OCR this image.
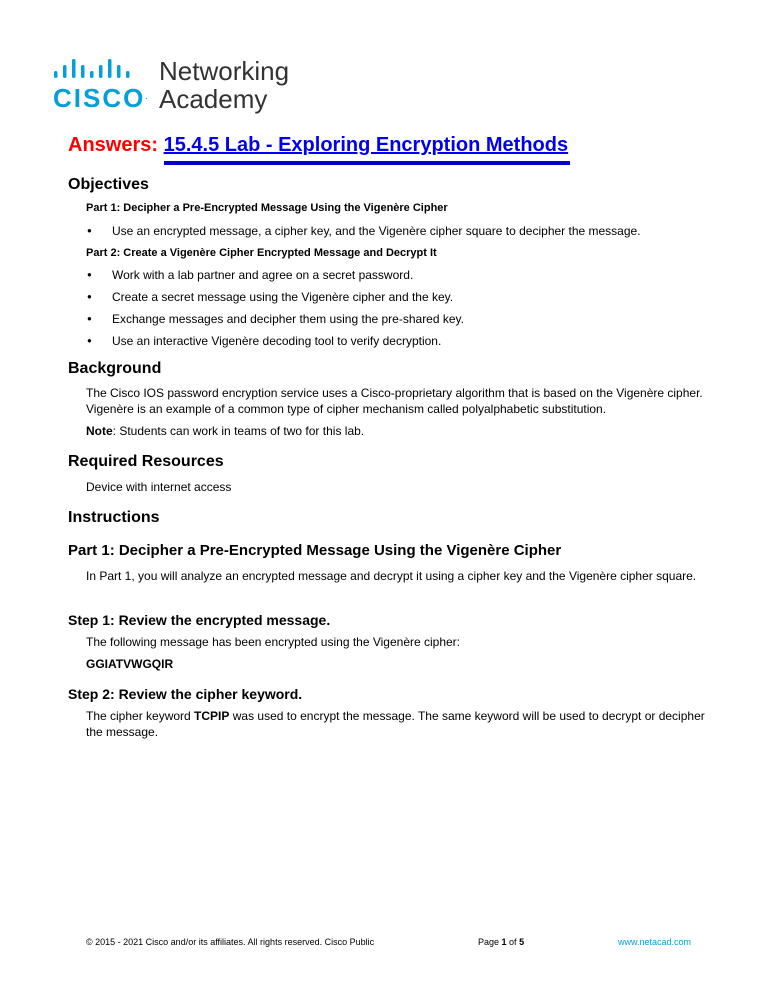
CISCO.
Networking
Academy
Answers: 15.4.5 Lab - Exploring Encryption Methods
Objectives
Part 1: Decipher a Pre-Encrypted Message Using the Vigenère Cipher
● Use an encrypted message, a cipher key, and the Vigenère cipher square to decipher the message.
Part 2: Create a Vigenère Cipher Encrypted Message and Decrypt It
● Work with a lab partner and agree on a secret password.
● Create a secret message using the Vigenère cipher and the key.
● Exchange messages and decipher them using the pre-shared key.
● Use an interactive Vigenère decoding tool to verify decryption.
Background

The Cisco IOS password encryption service uses a Cisco-proprietary algorithm that is based on the Vigenère cipher. Vigenère is an example of a common type of cipher mechanism called polyalphabetic substitution.

Note: Students can work in teams of two for this lab.

Required Resources

Device with internet access

Instructions
Part 1: Decipher a Pre-Encrypted Message Using the Vigenère Cipher

In Part 1, you will analyze an encrypted message and decrypt it using a cipher key and the Vigenère cipher square.

Step 1: Review the encrypted message.

The following message has been encrypted using the Vigenère cipher:

GGIATVWGQIR

Step 2: Review the cipher keyword.

The cipher keyword TCPIP was used to encrypt the message. The same keyword will be used to decrypt or decipher the message.

© 2015 - 2021 Cisco and/or its affiliates. All rights reserved. Cisco Public	Page 1 of 5	www.netacad.com
